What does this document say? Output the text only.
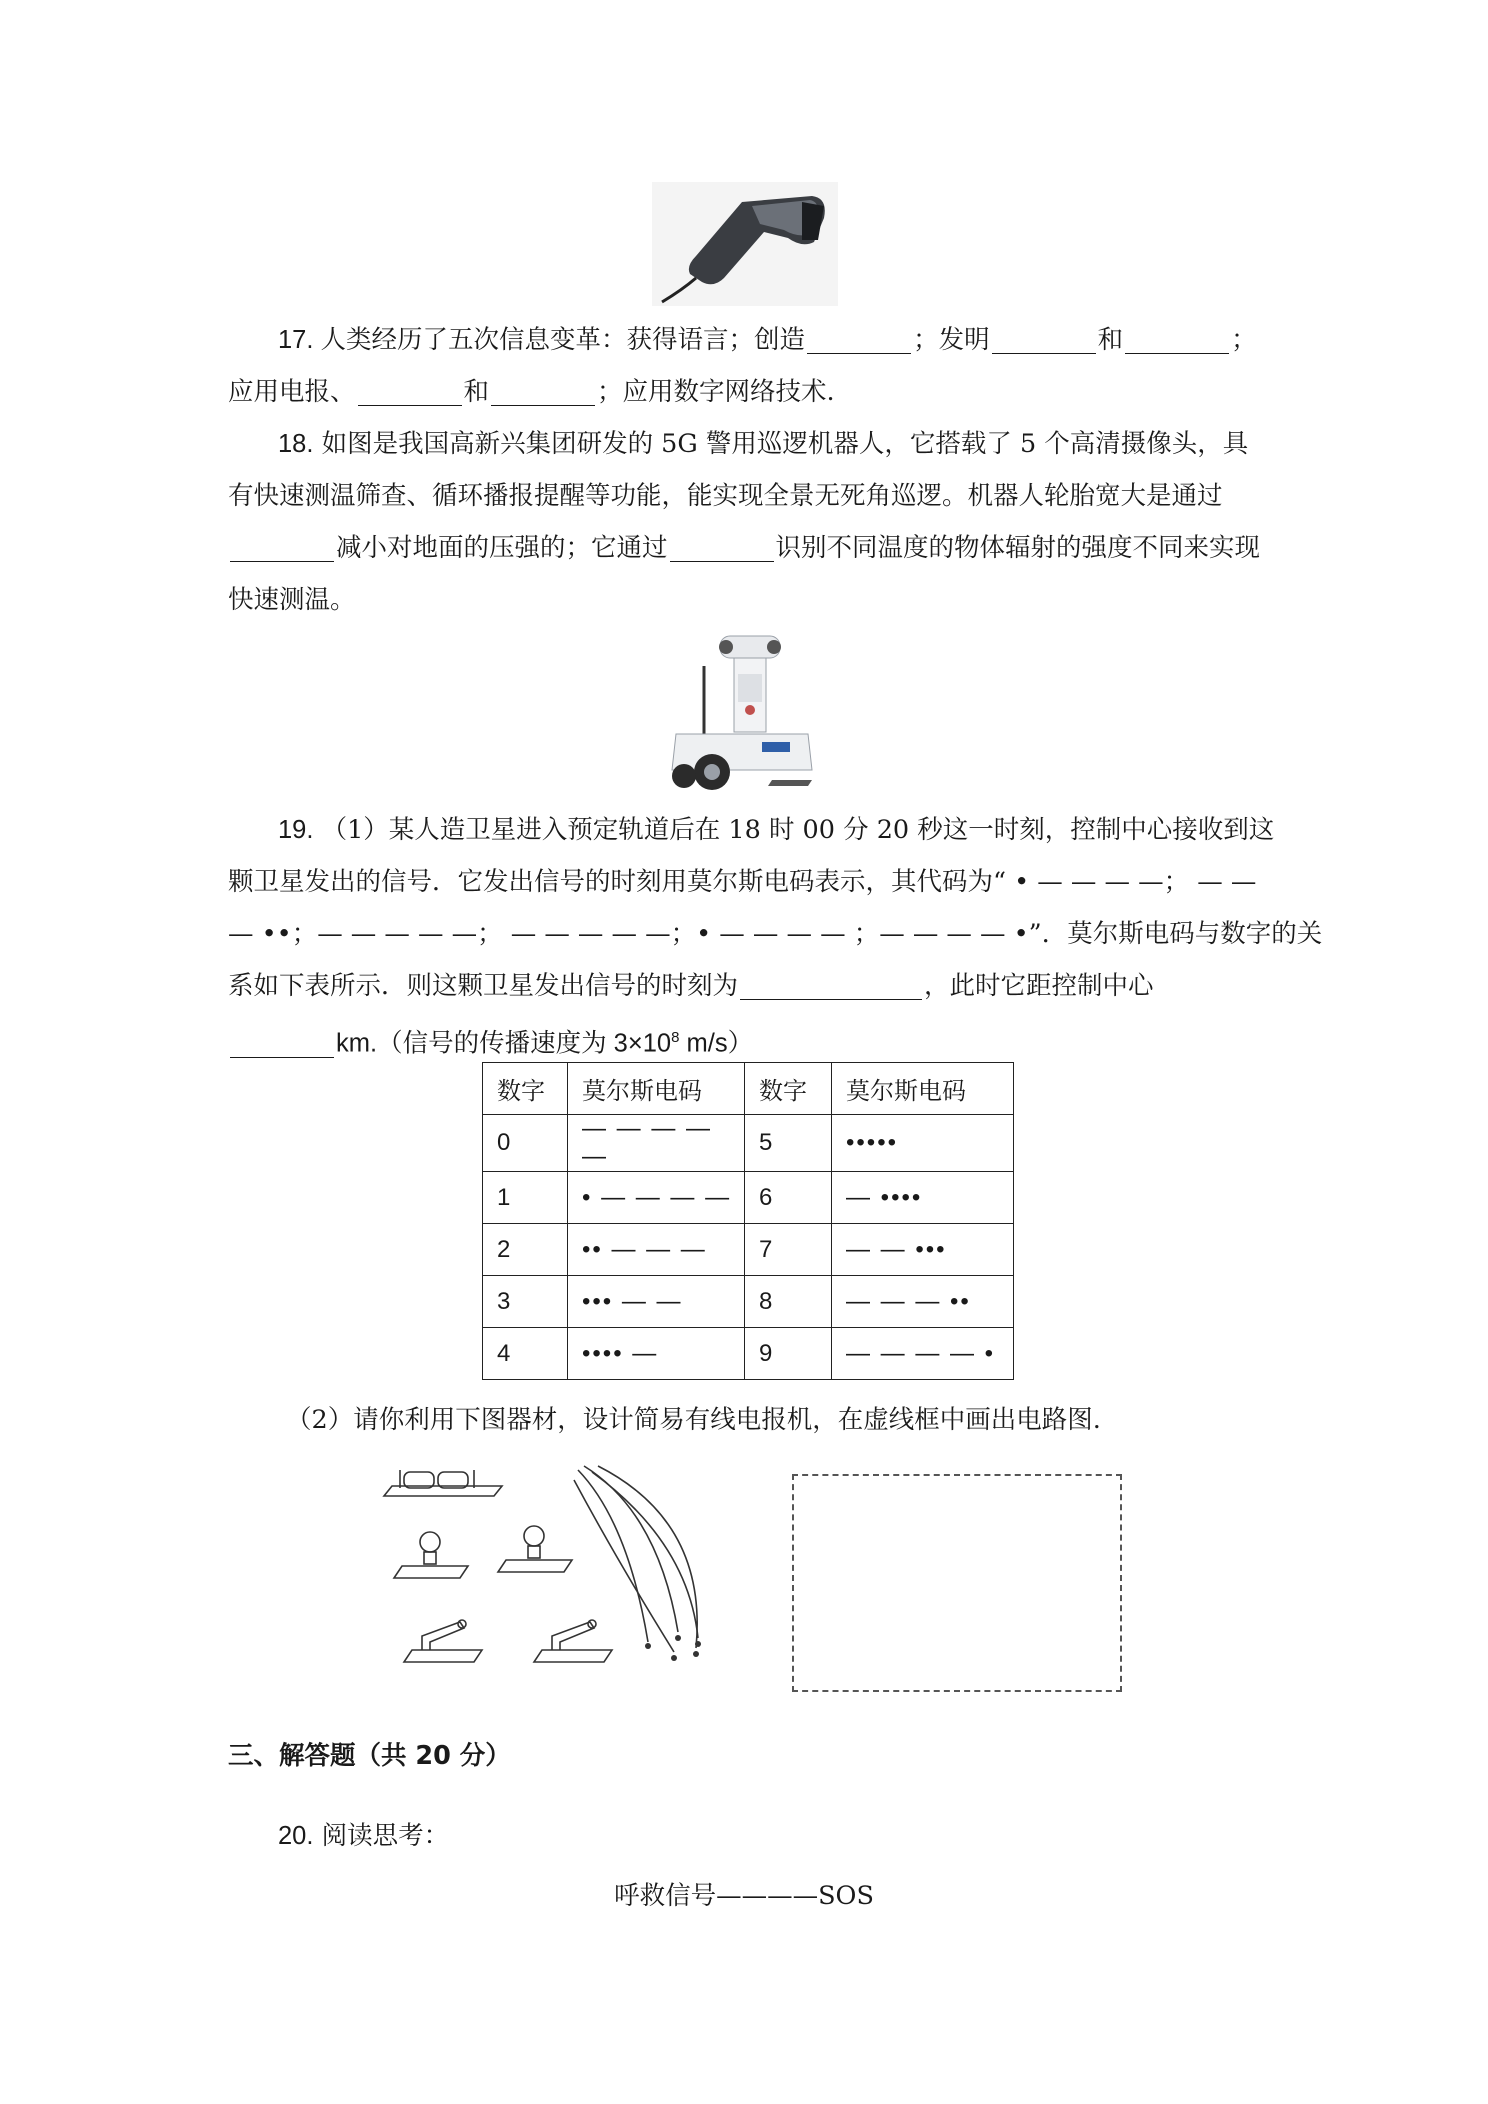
17. 人类经历了五次信息变革：获得语言；创造	；发明	和	；
应用电报、	和	；应用数字网络技术.
18. 如图是我国高新兴集团研发的 5G 警用巡逻机器人，它搭载了 5 个高清摄像头，具
有快速测温筛查、循环播报提醒等功能，能实现全景无死角巡逻。机器人轮胎宽大是通过
减小对地面的压强的；它通过	识别不同温度的物体辐射的强度不同来实现
快速测温。
19. （1）某人造卫星进入预定轨道后在 18 时 00 分 20 秒这一时刻，控制中心接收到这
颗卫星发出的信号．它发出信号的时刻用莫尔斯电码表示，其代码为“ • — — — —； — —
— ••；— — — — —； — — — — —；• — — — — ；— — — — •”．莫尔斯电码与数字的关
系如下表所示．则这颗卫星发出信号的时刻为	，此时它距控制中心
km.（信号的传播速度为 $3\times 10^8$ m/s）
数字	莫尔斯电码	数字	莫尔斯电码
0	— — — — —	5	•••••
1	• — — — —	6	— ••••
2	•• — — —	7	— — •••
3	••• — —	8	— — — ••
4	•••• —	9	— — — — •
（2）请你利用下图器材，设计简易有线电报机，在虚线框中画出电路图.
三、解答题（共 20 分）
20. 阅读思考：
呼救信号————SOS
